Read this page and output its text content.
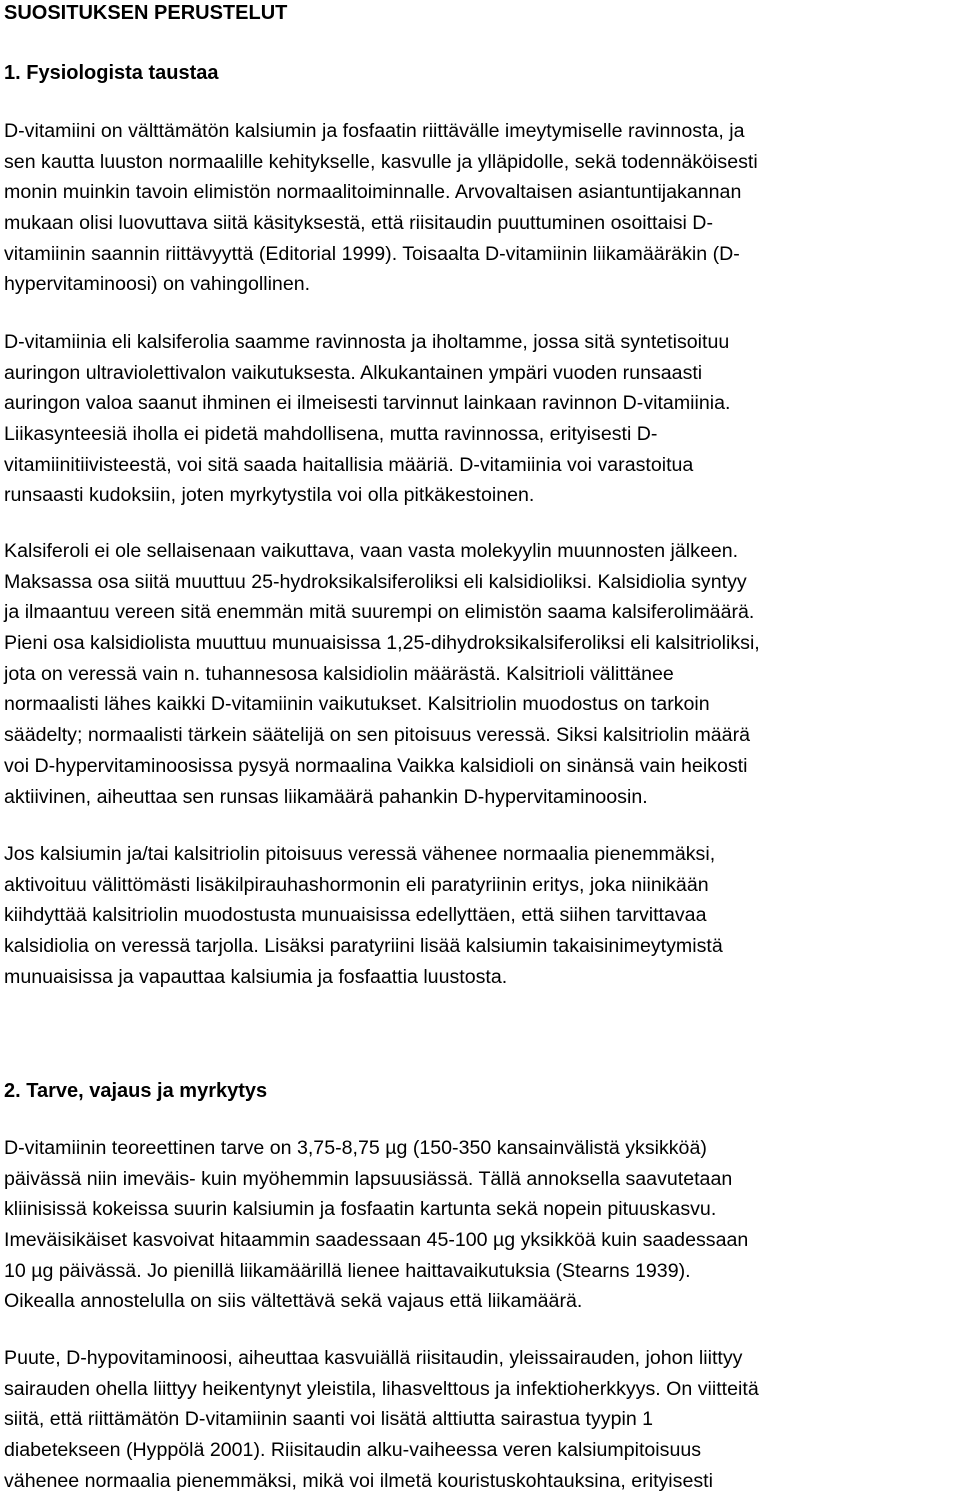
SUOSITUKSEN PERUSTELUT
1. Fysiologista taustaa
D-vitamiini on välttämätön kalsiumin ja fosfaatin riittävälle imeytymiselle ravinnosta, ja
sen kautta luuston normaalille kehitykselle, kasvulle ja ylläpidolle, sekä todennäköisesti
monin muinkin tavoin elimistön normaalitoiminnalle. Arvovaltaisen asiantuntijakannan
mukaan olisi luovuttava siitä käsityksestä, että riisitaudin puuttuminen osoittaisi D-
vitamiinin saannin riittävyyttä (Editorial 1999). Toisaalta D-vitamiinin liikamääräkin (D-
hypervitaminoosi) on vahingollinen.
D-vitamiinia eli kalsiferolia saamme ravinnosta ja iholtamme, jossa sitä syntetisoituu
auringon ultraviolettivalon vaikutuksesta. Alkukantainen ympäri vuoden runsaasti
auringon valoa saanut ihminen ei ilmeisesti tarvinnut lainkaan ravinnon D-vitamiinia.
Liikasynteesiä iholla ei pidetä mahdollisena, mutta ravinnossa, erityisesti D-
vitamiinitiivisteestä, voi sitä saada haitallisia määriä. D-vitamiinia voi varastoitua
runsaasti kudoksiin, joten myrkytystila voi olla pitkäkestoinen.
Kalsiferoli ei ole sellaisenaan vaikuttava, vaan vasta molekyylin muunnosten jälkeen.
Maksassa osa siitä muuttuu 25-hydroksikalsiferoliksi eli kalsidioliksi. Kalsidiolia syntyy
ja ilmaantuu vereen sitä enemmän mitä suurempi on elimistön saama kalsiferolimäärä.
Pieni osa kalsidiolista muuttuu munuaisissa 1,25-dihydroksikalsiferoliksi eli kalsitrioliksi,
jota on veressä vain n. tuhannesosa kalsidiolin määrästä. Kalsitrioli välittänee
normaalisti lähes kaikki D-vitamiinin vaikutukset. Kalsitriolin muodostus on tarkoin
säädelty; normaalisti tärkein säätelijä on sen pitoisuus veressä. Siksi kalsitriolin määrä
voi D-hypervitaminoosissa pysyä normaalina Vaikka kalsidioli on sinänsä vain heikosti
aktiivinen, aiheuttaa sen runsas liikamäärä pahankin D-hypervitaminoosin.
Jos kalsiumin ja/tai kalsitriolin pitoisuus veressä vähenee normaalia pienemmäksi,
aktivoituu välittömästi lisäkilpirauhashormonin eli paratyriinin eritys, joka niinikään
kiihdyttää kalsitriolin muodostusta munuaisissa edellyttäen, että siihen tarvittavaa
kalsidiolia on veressä tarjolla. Lisäksi paratyriini lisää kalsiumin takaisinimeytymistä
munuaisissa ja vapauttaa kalsiumia ja fosfaattia luustosta.
2. Tarve, vajaus ja myrkytys
D-vitamiinin teoreettinen tarve on 3,75-8,75 µg (150-350 kansainvälistä yksikköä)
päivässä niin imeväis- kuin myöhemmin lapsuusiässä. Tällä annoksella saavutetaan
kliinisissä kokeissa suurin kalsiumin ja fosfaatin kartunta sekä nopein pituuskasvu.
Imeväisikäiset kasvoivat hitaammin saadessaan 45-100 µg yksikköä kuin saadessaan
10 µg päivässä. Jo pienillä liikamäärillä lienee haittavaikutuksia (Stearns 1939).
Oikealla annostelulla on siis vältettävä sekä vajaus että liikamäärä.
Puute, D-hypovitaminoosi, aiheuttaa kasvuiällä riisitaudin, yleissairauden, johon liittyy
sairauden ohella liittyy heikentynyt yleistila, lihasvelttous ja infektioherkkyys. On viitteitä
siitä, että riittämätön D-vitamiinin saanti voi lisätä alttiutta sairastua tyypin 1
diabetekseen (Hyppölä 2001). Riisitaudin alku-vaiheessa veren kalsiumpitoisuus
vähenee normaalia pienemmäksi, mikä voi ilmetä kouristuskohtauksina, erityisesti
